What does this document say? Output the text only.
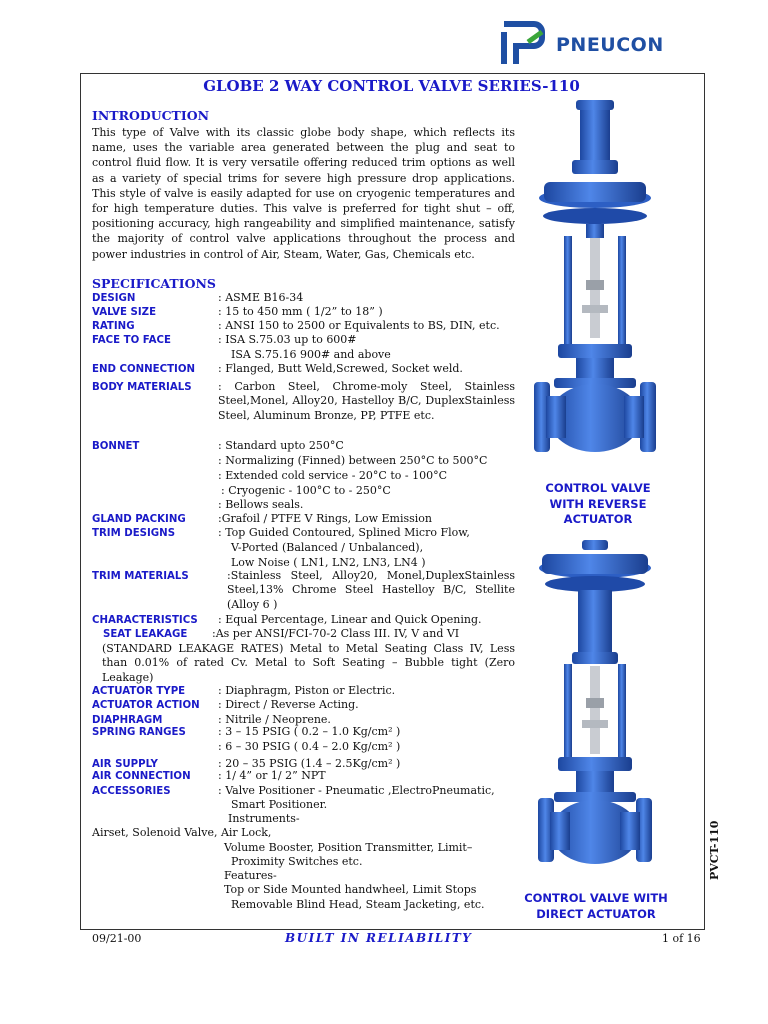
PNEUCON
GLOBE 2 WAY CONTROL VALVE SERIES-110
INTRODUCTION
This type of Valve with its classic globe body shape, which reflects its name, uses the variable area generated between the plug and seat to control fluid flow. It is very versatile offering reduced trim options as well as a variety of special trims for severe high pressure drop applications. This style of valve is easily adapted for use on cryogenic temperatures and for high temperature duties. This valve is preferred for tight shut – off, positioning accuracy, high rangeability and simplified maintenance, satisfy the majority of control valve applications throughout the process and power industries in control of Air, Steam, Water, Gas, Chemicals etc.
SPECIFICATIONS
DESIGN	: ASME B16-34
VALVE SIZE	: 15 to 450 mm ( 1/2” to 18” )
RATING	: ANSI 150 to 2500 or Equivalents to BS, DIN, etc.
FACE TO FACE	: ISA S.75.03 up to 600#
ISA S.75.16 900# and above
END CONNECTION : Flanged, Butt Weld,Screwed, Socket weld.
BODY MATERIALS : Carbon Steel, Chrome-moly Steel, Stainless Steel,Monel, Alloy20, Hastelloy B/C, DuplexStainless Steel, Aluminum Bronze, PP, PTFE etc.
BONNET	: Standard upto 250°C
: Normalizing (Finned) between 250°C to 500°C
: Extended cold service - 20°C to - 100°C
: Cryogenic - 100°C to - 250°C
: Bellows seals.
GLAND PACKING	:Grafoil / PTFE V Rings, Low Emission
TRIM DESIGNS	: Top Guided Contoured, Splined Micro Flow,
V-Ported (Balanced / Unbalanced),
Low Noise ( LN1, LN2, LN3, LN4 )
TRIM MATERIALS	:Stainless Steel, Alloy20, Monel,DuplexStainless Steel,13% Chrome Steel Hastelloy B/C, Stellite (Alloy 6 )
CHARACTERISTICS : Equal Percentage, Linear and Quick Opening.
SEAT LEAKAGE :As per ANSI/FCI-70-2 Class III. IV, V and VI
(STANDARD LEAKAGE RATES) Metal to Metal Seating Class IV, Less than 0.01% of rated Cv. Metal to Soft Seating – Bubble tight (Zero Leakage)
ACTUATOR TYPE	: Diaphragm, Piston or Electric.
ACTUATOR ACTION : Direct / Reverse Acting.
DIAPHRAGM	: Nitrile / Neoprene.
SPRING RANGES	: 3 – 15 PSIG ( 0.2 – 1.0 Kg/cm² )
: 6 – 30 PSIG ( 0.4 – 2.0 Kg/cm² )
AIR SUPPLY	: 20 – 35 PSIG (1.4 – 2.5Kg/cm² )
AIR CONNECTION : 1/ 4” or 1/ 2” NPT
ACCESSORIES	: Valve Positioner - Pneumatic ,ElectroPneumatic,
Smart Positioner.
Instruments-
Airset, Solenoid Valve, Air Lock,
Volume Booster, Position Transmitter, Limit–
Proximity Switches etc.
Features-
Top or Side Mounted handwheel, Limit Stops
Removable Blind Head, Steam Jacketing, etc.
CONTROL VALVE WITH REVERSE ACTUATOR
CONTROL VALVE WITH DIRECT ACTUATOR
09/21-00	BUILT IN RELIABILITY	1 of 16
PVCT-110
